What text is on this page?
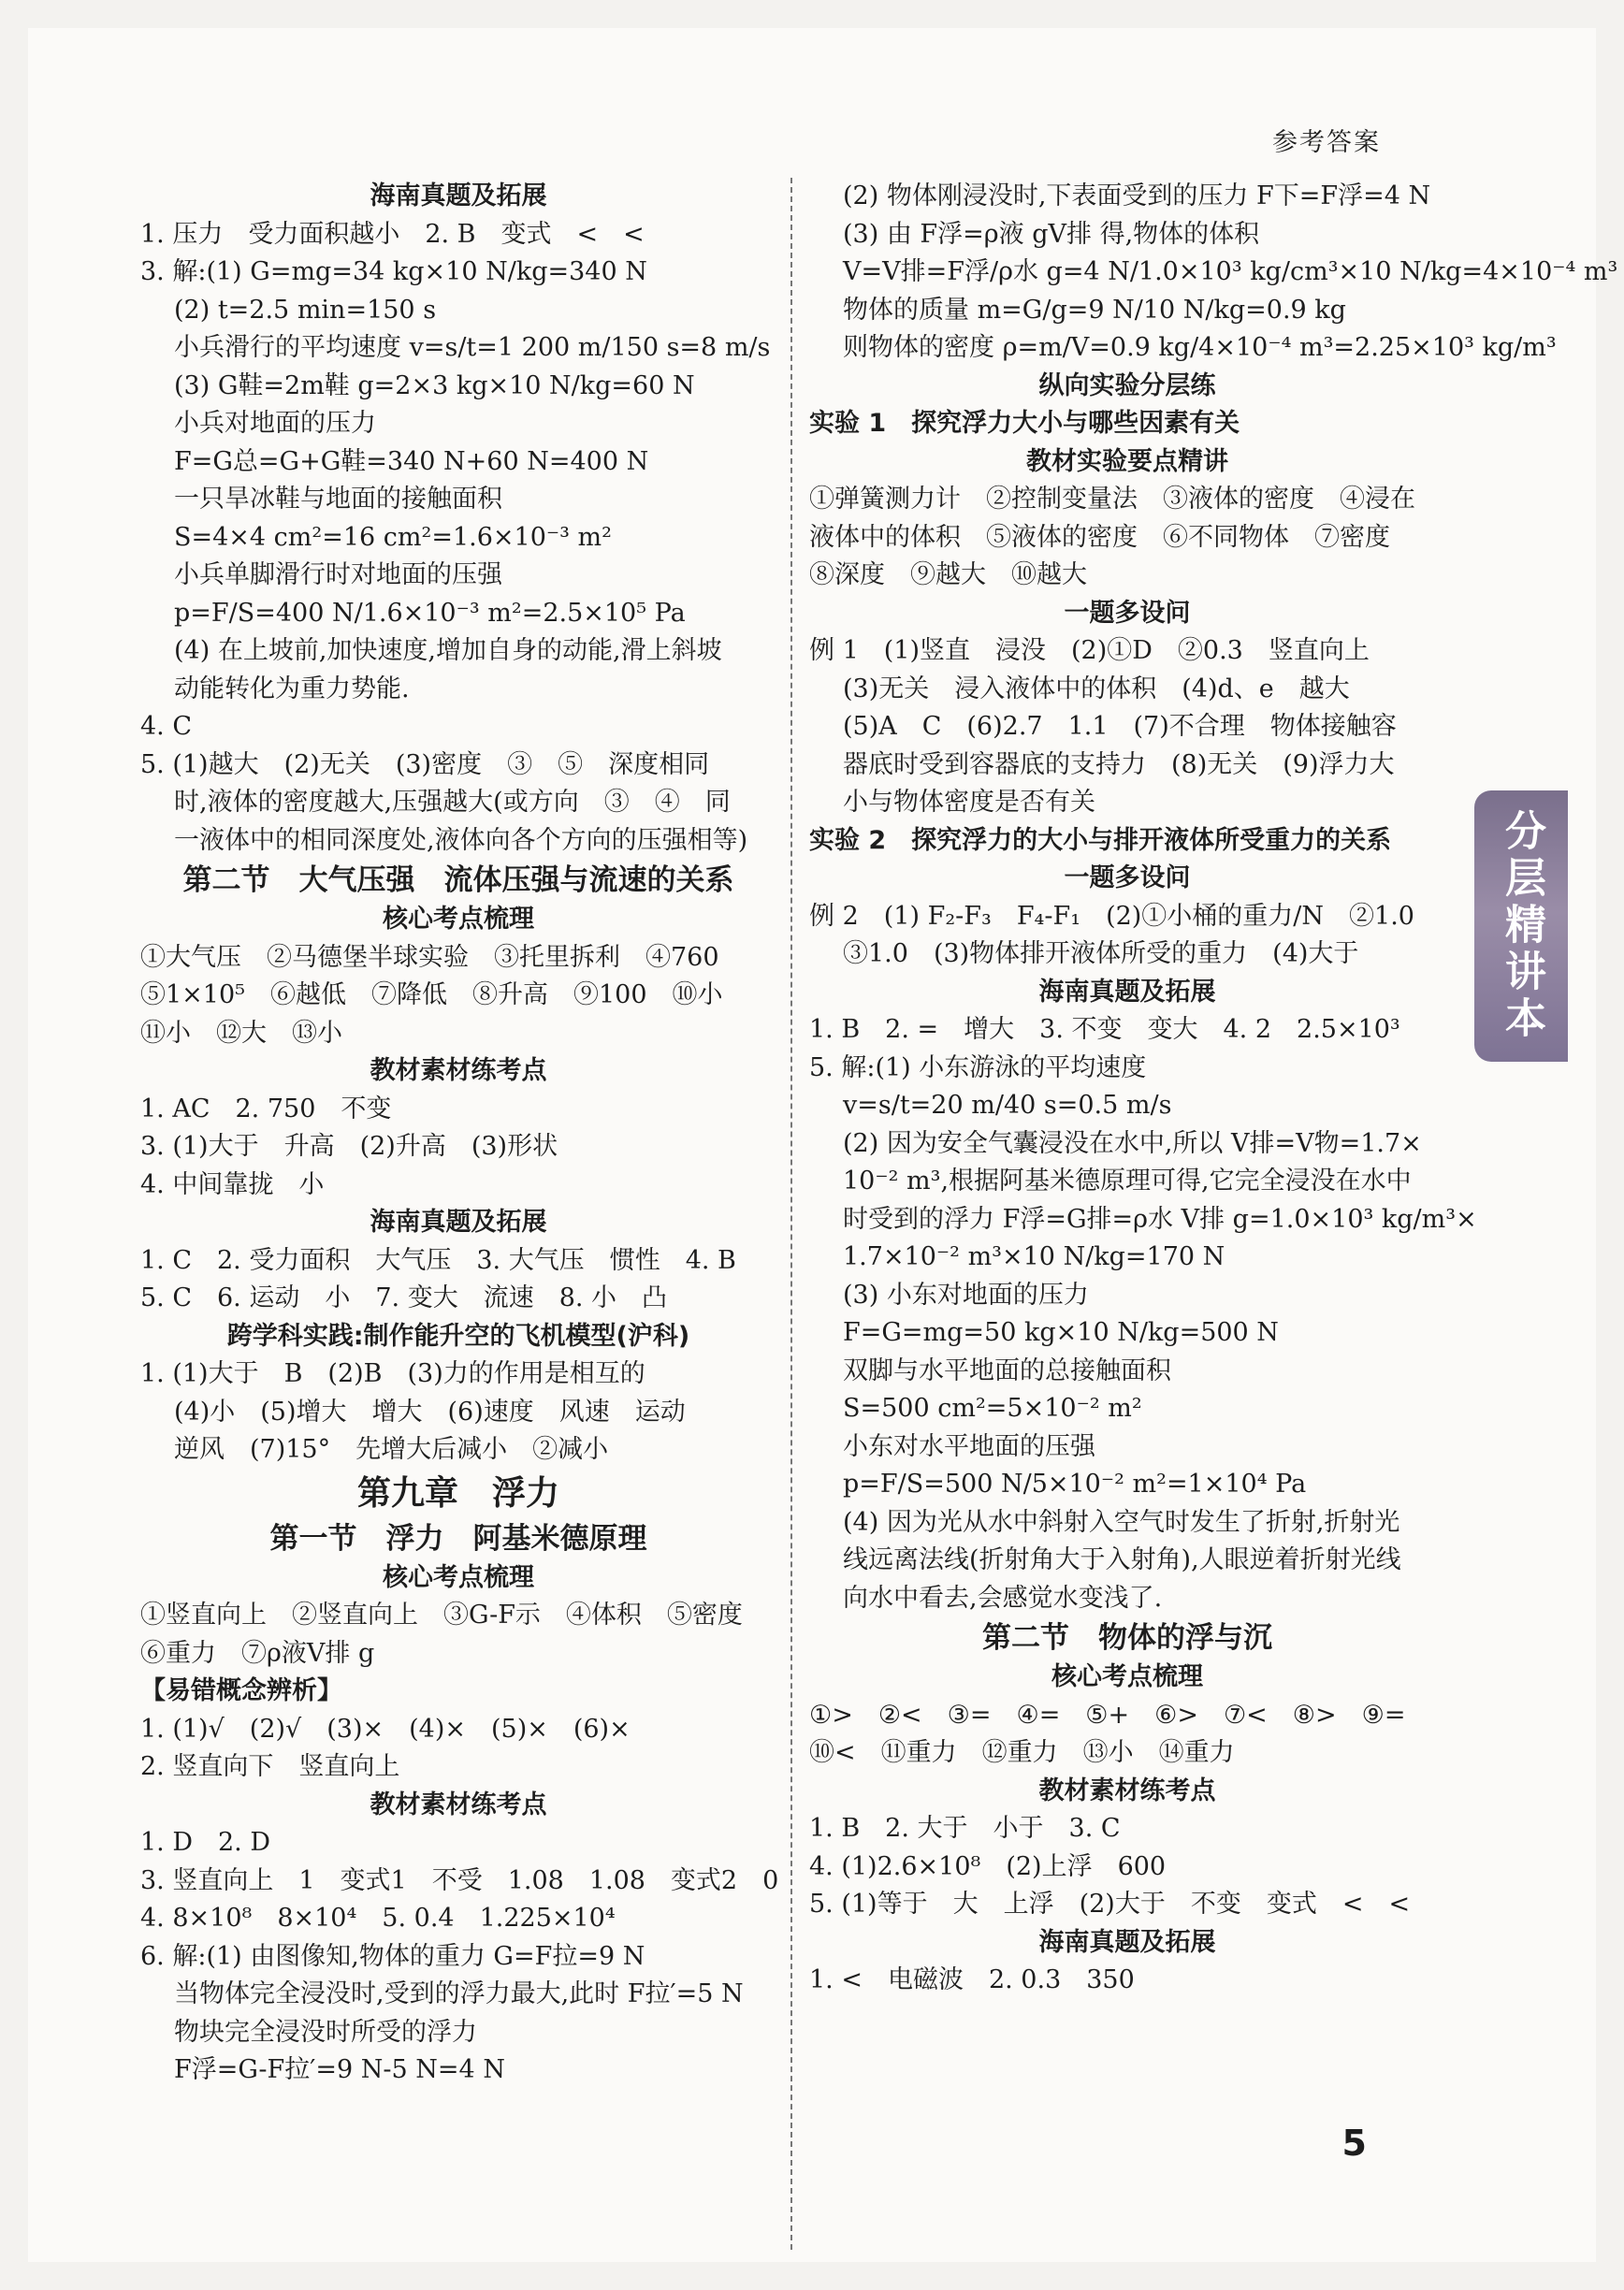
参考答案
海南真题及拓展
1. 压力　受力面积越小　2. B　变式　<　<
3. 解:(1) G=mg=34 kg×10 N/kg=340 N
(2) t=2.5 min=150 s
小兵滑行的平均速度 v=s/t=1 200 m/150 s=8 m/s
(3) G鞋=2m鞋 g=2×3 kg×10 N/kg=60 N
小兵对地面的压力
F=G总=G+G鞋=340 N+60 N=400 N
一只旱冰鞋与地面的接触面积
S=4×4 cm²=16 cm²=1.6×10⁻³ m²
小兵单脚滑行时对地面的压强
p=F/S=400 N/1.6×10⁻³ m²=2.5×10⁵ Pa
(4) 在上坡前,加快速度,增加自身的动能,滑上斜坡
动能转化为重力势能.
4. C
5. (1)越大　(2)无关　(3)密度　③　⑤　深度相同
时,液体的密度越大,压强越大(或方向　③　④　同
一液体中的相同深度处,液体向各个方向的压强相等)
第二节　大气压强　流体压强与流速的关系
核心考点梳理
①大气压　②马德堡半球实验　③托里拆利　④760
⑤1×10⁵　⑥越低　⑦降低　⑧升高　⑨100　⑩小
⑪小　⑫大　⑬小
教材素材练考点
1. AC　2. 750　不变
3. (1)大于　升高　(2)升高　(3)形状
4. 中间靠拢　小
海南真题及拓展
1. C　2. 受力面积　大气压　3. 大气压　惯性　4. B
5. C　6. 运动　小　7. 变大　流速　8. 小　凸
跨学科实践:制作能升空的飞机模型(沪科)
1. (1)大于　B　(2)B　(3)力的作用是相互的
(4)小　(5)增大　增大　(6)速度　风速　运动
逆风　(7)15°　先增大后减小　②减小
第九章　浮力
第一节　浮力　阿基米德原理
核心考点梳理
①竖直向上　②竖直向上　③G-F示　④体积　⑤密度
⑥重力　⑦ρ液V排 g
【易错概念辨析】
1. (1)√　(2)√　(3)×　(4)×　(5)×　(6)×
2. 竖直向下　竖直向上
教材素材练考点
1. D　2. D
3. 竖直向上　1　变式1　不受　1.08　1.08　变式2　0
4. 8×10⁸　8×10⁴　5. 0.4　1.225×10⁴
6. 解:(1) 由图像知,物体的重力 G=F拉=9 N
当物体完全浸没时,受到的浮力最大,此时 F拉′=5 N
物块完全浸没时所受的浮力
F浮=G-F拉′=9 N-5 N=4 N
(2) 物体刚浸没时,下表面受到的压力 F下=F浮=4 N
(3) 由 F浮=ρ液 gV排 得,物体的体积
V=V排=F浮/ρ水 g=4 N/1.0×10³ kg/cm³×10 N/kg=4×10⁻⁴ m³
物体的质量 m=G/g=9 N/10 N/kg=0.9 kg
则物体的密度 ρ=m/V=0.9 kg/4×10⁻⁴ m³=2.25×10³ kg/m³
纵向实验分层练
实验 1　探究浮力大小与哪些因素有关
教材实验要点精讲
①弹簧测力计　②控制变量法　③液体的密度　④浸在
液体中的体积　⑤液体的密度　⑥不同物体　⑦密度
⑧深度　⑨越大　⑩越大
一题多设问
例 1　(1)竖直　浸没　(2)①D　②0.3　竖直向上
(3)无关　浸入液体中的体积　(4)d、e　越大
(5)A　C　(6)2.7　1.1　(7)不合理　物体接触容
器底时受到容器底的支持力　(8)无关　(9)浮力大
小与物体密度是否有关
实验 2　探究浮力的大小与排开液体所受重力的关系
一题多设问
例 2　(1) F₂-F₃　F₄-F₁　(2)①小桶的重力/N　②1.0
③1.0　(3)物体排开液体所受的重力　(4)大于
海南真题及拓展
1. B　2. =　增大　3. 不变　变大　4. 2　2.5×10³
5. 解:(1) 小东游泳的平均速度
v=s/t=20 m/40 s=0.5 m/s
(2) 因为安全气囊浸没在水中,所以 V排=V物=1.7×
10⁻² m³,根据阿基米德原理可得,它完全浸没在水中
时受到的浮力 F浮=G排=ρ水 V排 g=1.0×10³ kg/m³×
1.7×10⁻² m³×10 N/kg=170 N
(3) 小东对地面的压力
F=G=mg=50 kg×10 N/kg=500 N
双脚与水平地面的总接触面积
S=500 cm²=5×10⁻² m²
小东对水平地面的压强
p=F/S=500 N/5×10⁻² m²=1×10⁴ Pa
(4) 因为光从水中斜射入空气时发生了折射,折射光
线远离法线(折射角大于入射角),人眼逆着折射光线
向水中看去,会感觉水变浅了.
第二节　物体的浮与沉
核心考点梳理
①>　②<　③=　④=　⑤+　⑥>　⑦<　⑧>　⑨=
⑩<　⑪重力　⑫重力　⑬小　⑭重力
教材素材练考点
1. B　2. 大于　小于　3. C
4. (1)2.6×10⁸　(2)上浮　600
5. (1)等于　大　上浮　(2)大于　不变　变式　<　<
海南真题及拓展
1. <　电磁波　2. 0.3　350
分层精讲本
5
